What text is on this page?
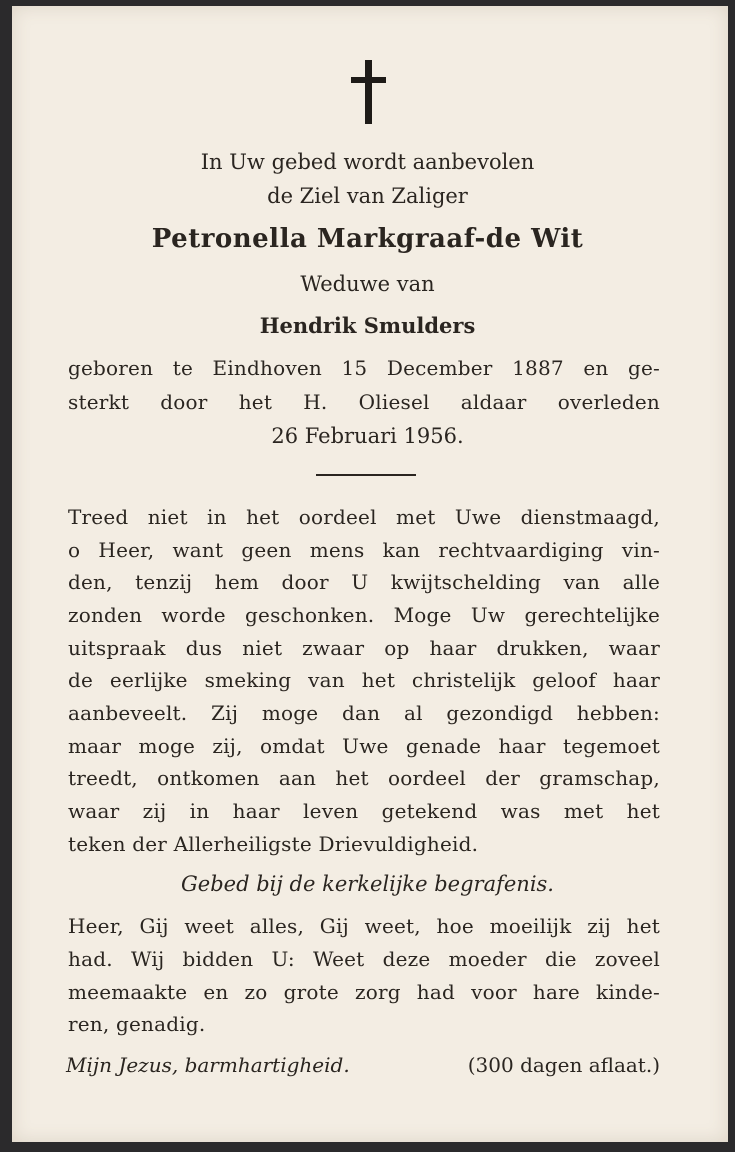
In Uw gebed wordt aanbevolen
de Ziel van Zaliger
Petronella Markgraaf-de Wit
Weduwe van
Hendrik Smulders
geboren te Eindhoven 15 December 1887 en ge-
sterkt door het H. Oliesel aldaar overleden
26 Februari 1956.
Treed niet in het oordeel met Uwe dienstmaagd,
o Heer, want geen mens kan rechtvaardiging vin-
den, tenzij hem door U kwijtschelding van alle
zonden worde geschonken. Moge Uw gerechtelijke
uitspraak dus niet zwaar op haar drukken, waar
de eerlijke smeking van het christelijk geloof haar
aanbeveelt. Zij moge dan al gezondigd hebben:
maar moge zij, omdat Uwe genade haar tegemoet
treedt, ontkomen aan het oordeel der gramschap,
waar zij in haar leven getekend was met het
teken der Allerheiligste Drievuldigheid.
Gebed bij de kerkelijke begrafenis.
Heer, Gij weet alles, Gij weet, hoe moeilijk zij het
had. Wij bidden U: Weet deze moeder die zoveel
meemaakte en zo grote zorg had voor hare kinde-
ren, genadig.
Mijn Jezus, barmhartigheid.	(300 dagen aflaat.)
